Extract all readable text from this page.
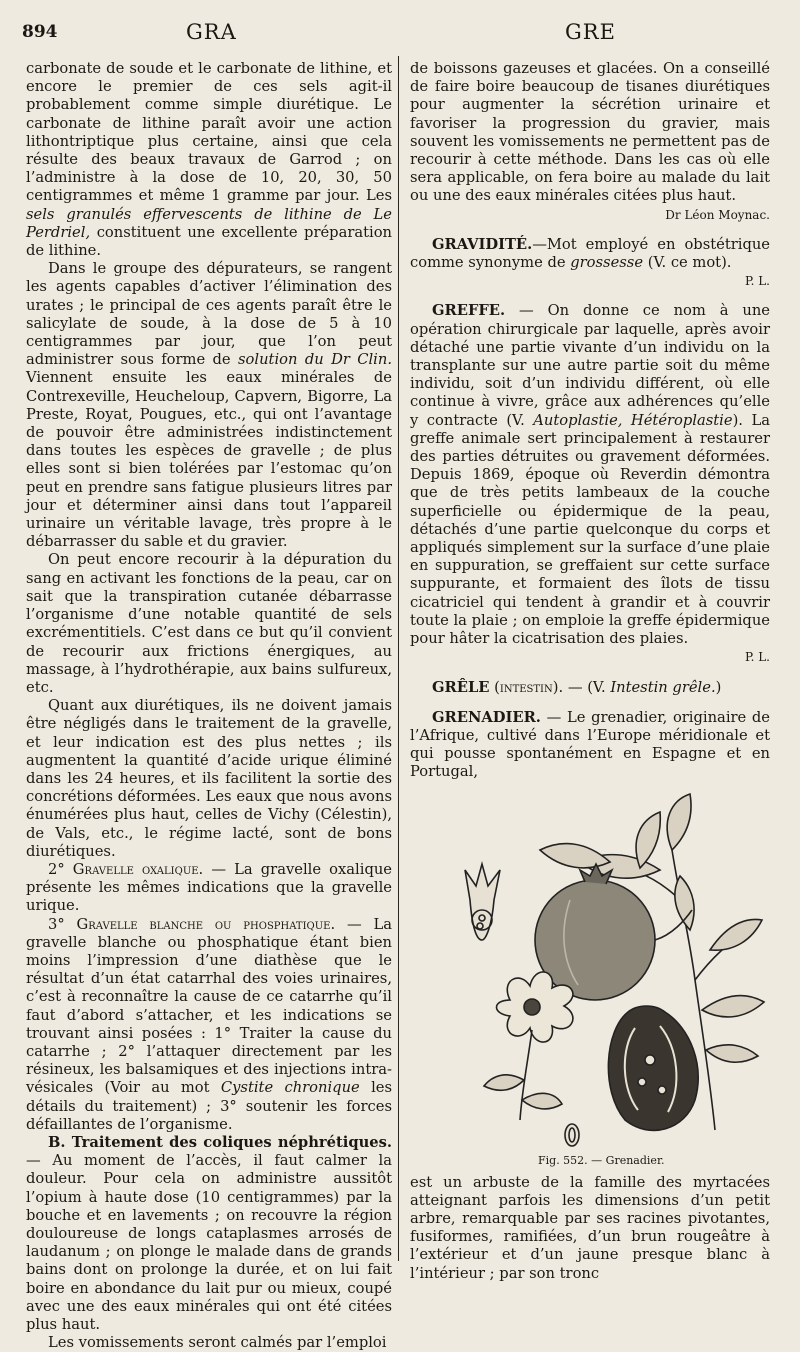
894	GRA	GRE

carbonate de soude et le carbonate de lithine, et encore le premier de ces sels agit-il probablement comme simple diurétique. Le carbonate de lithine paraît avoir une action lithontriptique plus certaine, ainsi que cela résulte des beaux travaux de Garrod ; on l’administre à la dose de 10, 20, 30, 50 centigrammes et même 1 gramme par jour. Les sels granulés effervescents de lithine de Le Perdriel, constituent une excellente préparation de lithine.

Dans le groupe des dépurateurs, se rangent les agents capables d’activer l’élimination des urates ; le principal de ces agents paraît être le salicylate de soude, à la dose de 5 à 10 centigrammes par jour, que l’on peut administrer sous forme de solution du Dr Clin. Viennent ensuite les eaux minérales de Contrexeville, Heucheloup, Capvern, Bigorre, La Preste, Royat, Pougues, etc., qui ont l’avantage de pouvoir être administrées indistinctement dans toutes les espèces de gravelle ; de plus elles sont si bien tolérées par l’estomac qu’on peut en prendre sans fatigue plusieurs litres par jour et déterminer ainsi dans tout l’appareil urinaire un véritable lavage, très propre à le débarrasser du sable et du gravier.

On peut encore recourir à la dépuration du sang en activant les fonctions de la peau, car on sait que la transpiration cutanée débarrasse l’organisme d’une notable quantité de sels excrémentitiels. C’est dans ce but qu’il convient de recourir aux frictions énergiques, au massage, à l’hydrothérapie, aux bains sulfureux, etc.

Quant aux diurétiques, ils ne doivent jamais être négligés dans le traitement de la gravelle, et leur indication est des plus nettes ; ils augmentent la quantité d’acide urique éliminé dans les 24 heures, et ils facilitent la sortie des concrétions déformées. Les eaux que nous avons énumérées plus haut, celles de Vichy (Célestin), de Vals, etc., le régime lacté, sont de bons diurétiques.

2° Gravelle oxalique. — La gravelle oxalique présente les mêmes indications que la gravelle urique.

3° Gravelle blanche ou phosphatique. — La gravelle blanche ou phosphatique étant bien moins l’impression d’une diathèse que le résultat d’un état catarrhal des voies urinaires, c’est à reconnaître la cause de ce catarrhe qu’il faut d’abord s’attacher, et les indications se trouvant ainsi posées : 1° Traiter la cause du catarrhe ; 2° l’attaquer directement par les résineux, les balsamiques et des injections intra-vésicales (Voir au mot Cystite chronique les détails du traitement) ; 3° soutenir les forces défaillantes de l’organisme.

B. Traitement des coliques néphrétiques. — Au moment de l’accès, il faut calmer la douleur. Pour cela on administre aussitôt l’opium à haute dose (10 centigrammes) par la bouche et en lavements ; on recouvre la région douloureuse de longs cataplasmes arrosés de laudanum ; on plonge le malade dans de grands bains dont on prolonge la durée, et on lui fait boire en abondance du lait pur ou mieux, coupé avec une des eaux minérales qui ont été citées plus haut.

Les vomissements seront calmés par l’emploi

de boissons gazeuses et glacées. On a conseillé de faire boire beaucoup de tisanes diurétiques pour augmenter la sécrétion urinaire et favoriser la progression du gravier, mais souvent les vomissements ne permettent pas de recourir à cette méthode. Dans les cas où elle sera applicable, on fera boire au malade du lait ou une des eaux minérales citées plus haut.

Dr Léon Moynac.

GRAVIDITÉ.—Mot employé en obstétrique comme synonyme de grossesse (V. ce mot).

P. L.

GREFFE. — On donne ce nom à une opération chirurgicale par laquelle, après avoir détaché une partie vivante d’un individu on la transplante sur une autre partie soit du même individu, soit d’un individu différent, où elle continue à vivre, grâce aux adhérences qu’elle y contracte (V. Autoplastie, Hétéroplastie). La greffe animale sert principalement à restaurer des parties détruites ou gravement déformées. Depuis 1869, époque où Reverdin démontra que de très petits lambeaux de la couche superficielle ou épidermique de la peau, détachés d’une partie quelconque du corps et appliqués simplement sur la surface d’une plaie en suppuration, se greffaient sur cette surface suppurante, et formaient des îlots de tissu cicatriciel qui tendent à grandir et à couvrir toute la plaie ; on emploie la greffe épidermique pour hâter la cicatrisation des plaies.

P. L.

GRÊLE (intestin). — (V. Intestin grêle.)

GRENADIER. — Le grenadier, originaire de l’Afrique, cultivé dans l’Europe méridionale et qui pousse spontanément en Espagne et en Portugal,

Fig. 552. — Grenadier.

est un arbuste de la famille des myrtacées atteignant parfois les dimensions d’un petit arbre, remarquable par ses racines pivotantes, fusiformes, ramifiées, d’un brun rougeâtre à l’extérieur et d’un jaune presque blanc à l’intérieur ; par son tronc
